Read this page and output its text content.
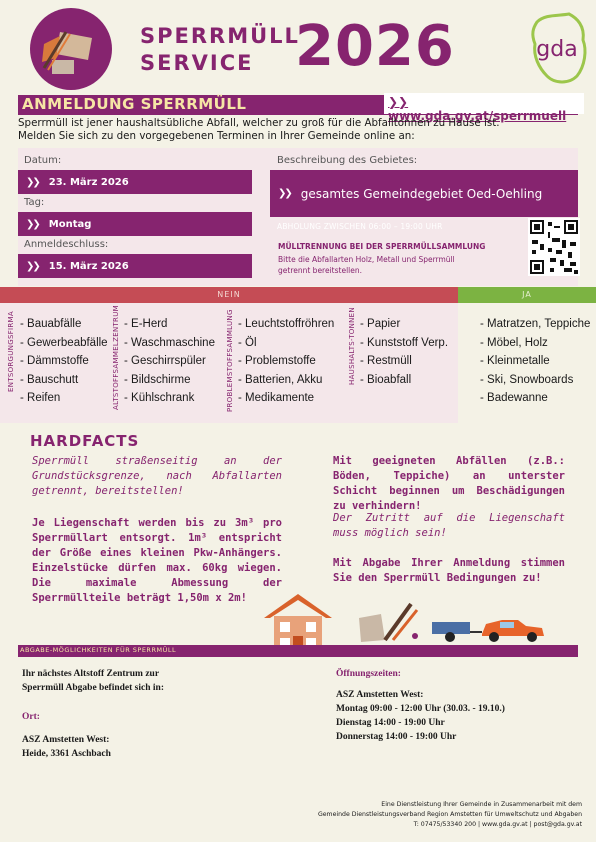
SPERRMÜLL
SERVICE 2026	gda
ANMELDUNG SPERRMÜLL	❯❯www.gda.gv.at/sperrmuell
Sperrmüll ist jener haushaltsübliche Abfall, welcher zu groß für die Abfalltonnen zu Hause ist.
Melden Sie sich zu den vorgegebenen Terminen in Ihrer Gemeinde online an:
Datum:
❯❯ 23. März 2026
Tag:
❯❯ Montag
Anmeldeschluss:
❯❯ 15. März 2026
Beschreibung des Gebietes:
❯❯ gesamtes Gemeindegebiet Oed-Oehling
ABHOLUNG ZWISCHEN 06:00 – 19:00 UHR
MÜLLTRENNUNG BEI DER SPERRMÜLLSAMMLUNG
Bitte die Abfallarten Holz, Metall und Sperrmüll
getrennt bereitstellen.
NEIN	JA
ENTSORGUNGSFIRMA	- Bauabfälle
- Gewerbeabfälle
- Dämmstoffe
- Bauschutt
- Reifen	ALTSTOFFSAMMELZENTRUM - E-Herd
- Waschmaschine
- Geschirrspüler
- Bildschirme
- Kühlschrank	PROBLEMSTOFFSAMMLUNG - Leuchtstoffröhren
- Öl
- Problemstoffe
- Batterien, Akku
- Medikamente
HAUSHALTS-TONNEN - Papier
- Kunststoff Verp.
- Restmüll
- Bioabfall
- Matratzen, Teppiche
- Möbel, Holz
- Kleinmetalle
- Ski, Snowboards
- Badewanne
HARDFACTS
Sperrmüll straßenseitig an der Grundstücksgrenze, nach Abfallarten getrennt, bereitstellen!
Je Liegenschaft werden bis zu 3m³ pro Sperrmüllart entsorgt. 1m³ entspricht der Größe eines kleinen Pkw-Anhängers. Einzelstücke dürfen max. 60kg wiegen. Die maximale Abmessung der Sperrmüllteile beträgt 1,50m x 2m!
Mit geeigneten Abfällen (z.B.: Böden, Teppiche) an unterster Schicht beginnen um Beschädigungen zu verhindern!
Der Zutritt auf die Liegenschaft muss möglich sein!
Mit Abgabe Ihrer Anmeldung stimmen Sie den Sperrmüll Bedingungen zu!
ABGABE-MÖGLICHKEITEN FÜR SPERRMÜLL
Ihr nächstes Altstoff Zentrum zur
Sperrmüll Abgabe befindet sich in:
Ort:
ASZ Amstetten West:
Heide, 3361 Aschbach
Öffnungszeiten:
ASZ Amstetten West:
Montag 09:00 - 12:00 Uhr (30.03. - 19.10.)
Dienstag 14:00 - 19:00 Uhr
Donnerstag 14:00 - 19:00 Uhr
Eine Dienstleistung Ihrer Gemeinde in Zusammenarbeit mit dem
Gemeinde Dienstleistungsverband Region Amstetten für Umweltschutz und Abgaben
T: 07475/53340 200 | www.gda.gv.at | post@gda.gv.at
